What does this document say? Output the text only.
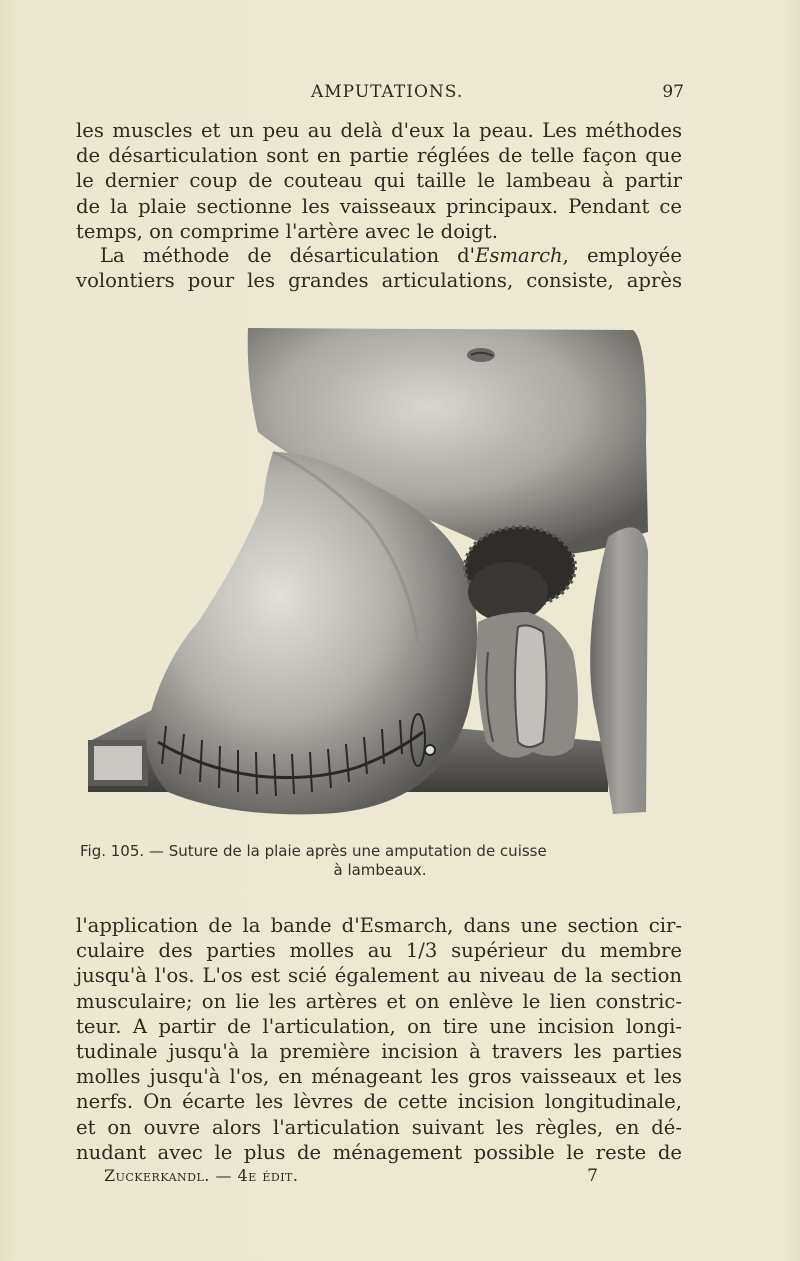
AMPUTATIONS.	97

les muscles et un peu au delà d'eux la peau. Les méthodes
de désarticulation sont en partie réglées de telle façon que
le dernier coup de couteau qui taille le lambeau à partir
de la plaie sectionne les vaisseaux principaux. Pendant ce
temps, on comprime l'artère avec le doigt.

La méthode de désarticulation d'Esmarch, employée
volontiers pour les grandes articulations, consiste, après

Fig. 105. — Suture de la plaie après une amputation de cuisse
à lambeaux.

l'application de la bande d'Esmarch, dans une section cir-
culaire des parties molles au 1/3 supérieur du membre
jusqu'à l'os. L'os est scié également au niveau de la section
musculaire; on lie les artères et on enlève le lien constric-
teur. A partir de l'articulation, on tire une incision longi-
tudinale jusqu'à la première incision à travers les parties
molles jusqu'à l'os, en ménageant les gros vaisseaux et les
nerfs. On écarte les lèvres de cette incision longitudinale,
et on ouvre alors l'articulation suivant les règles, en dé-
nudant avec le plus de ménagement possible le reste de

Zuckerkandl. — 4e édit.	7
